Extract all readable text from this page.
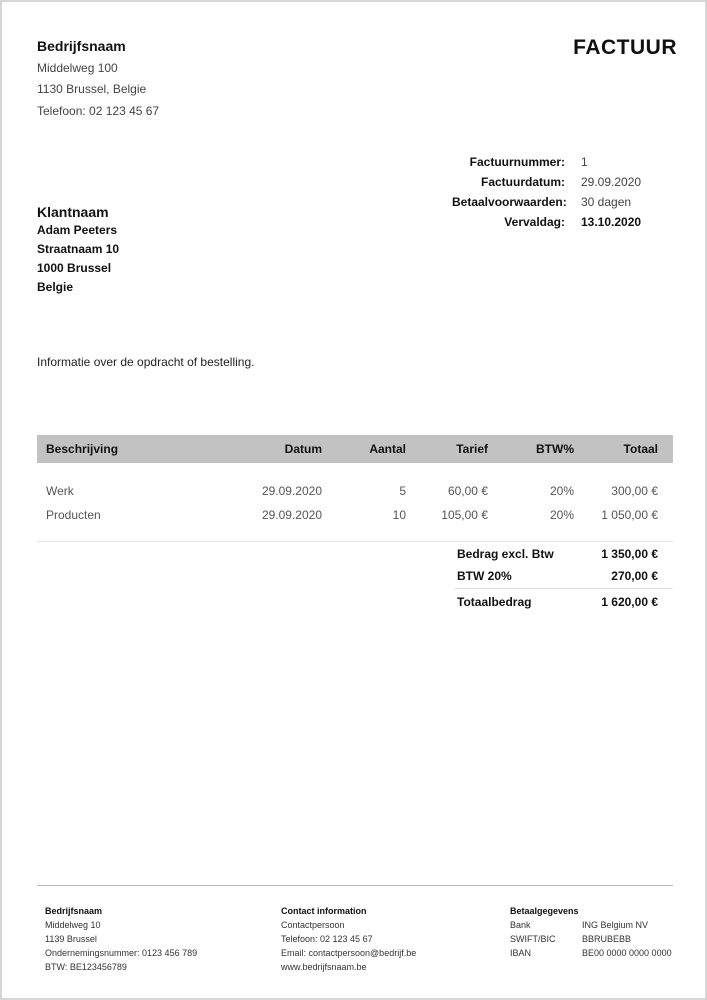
Bedrijfsnaam
Middelweg 100
1130 Brussel, Belgie
Telefoon: 02 123 45 67
FACTUUR
Factuurnummer:	1
Factuurdatum:	29.09.2020
Betaalvoorwaarden:	30 dagen
Vervaldag:	13.10.2020
Klantnaam
Adam Peeters
Straatnaam 10
1000 Brussel
Belgie
Informatie over de opdracht of bestelling.
Beschrijving	Datum	Aantal	Tarief	BTW%	Totaal
Werk	29.09.2020	5	60,00 €	20%	300,00 €
Producten	29.09.2020	10	105,00 €	20%	1 050,00 €
Bedrag excl. Btw	1 350,00 €
BTW 20%	270,00 €
Totaalbedrag	1 620,00 €
Bedrijfsnaam
Middelweg 10
1139 Brussel
Ondernemingsnummer: 0123 456 789
BTW: BE123456789
Contact information
Contactpersoon
Telefoon: 02 123 45 67
Email: contactpersoon@bedrijf.be
www.bedrijfsnaam.be
Betaalgegevens
Bank	ING Belgium NV
SWIFT/BIC	BBRUBEBB
IBAN	BE00 0000 0000 0000
